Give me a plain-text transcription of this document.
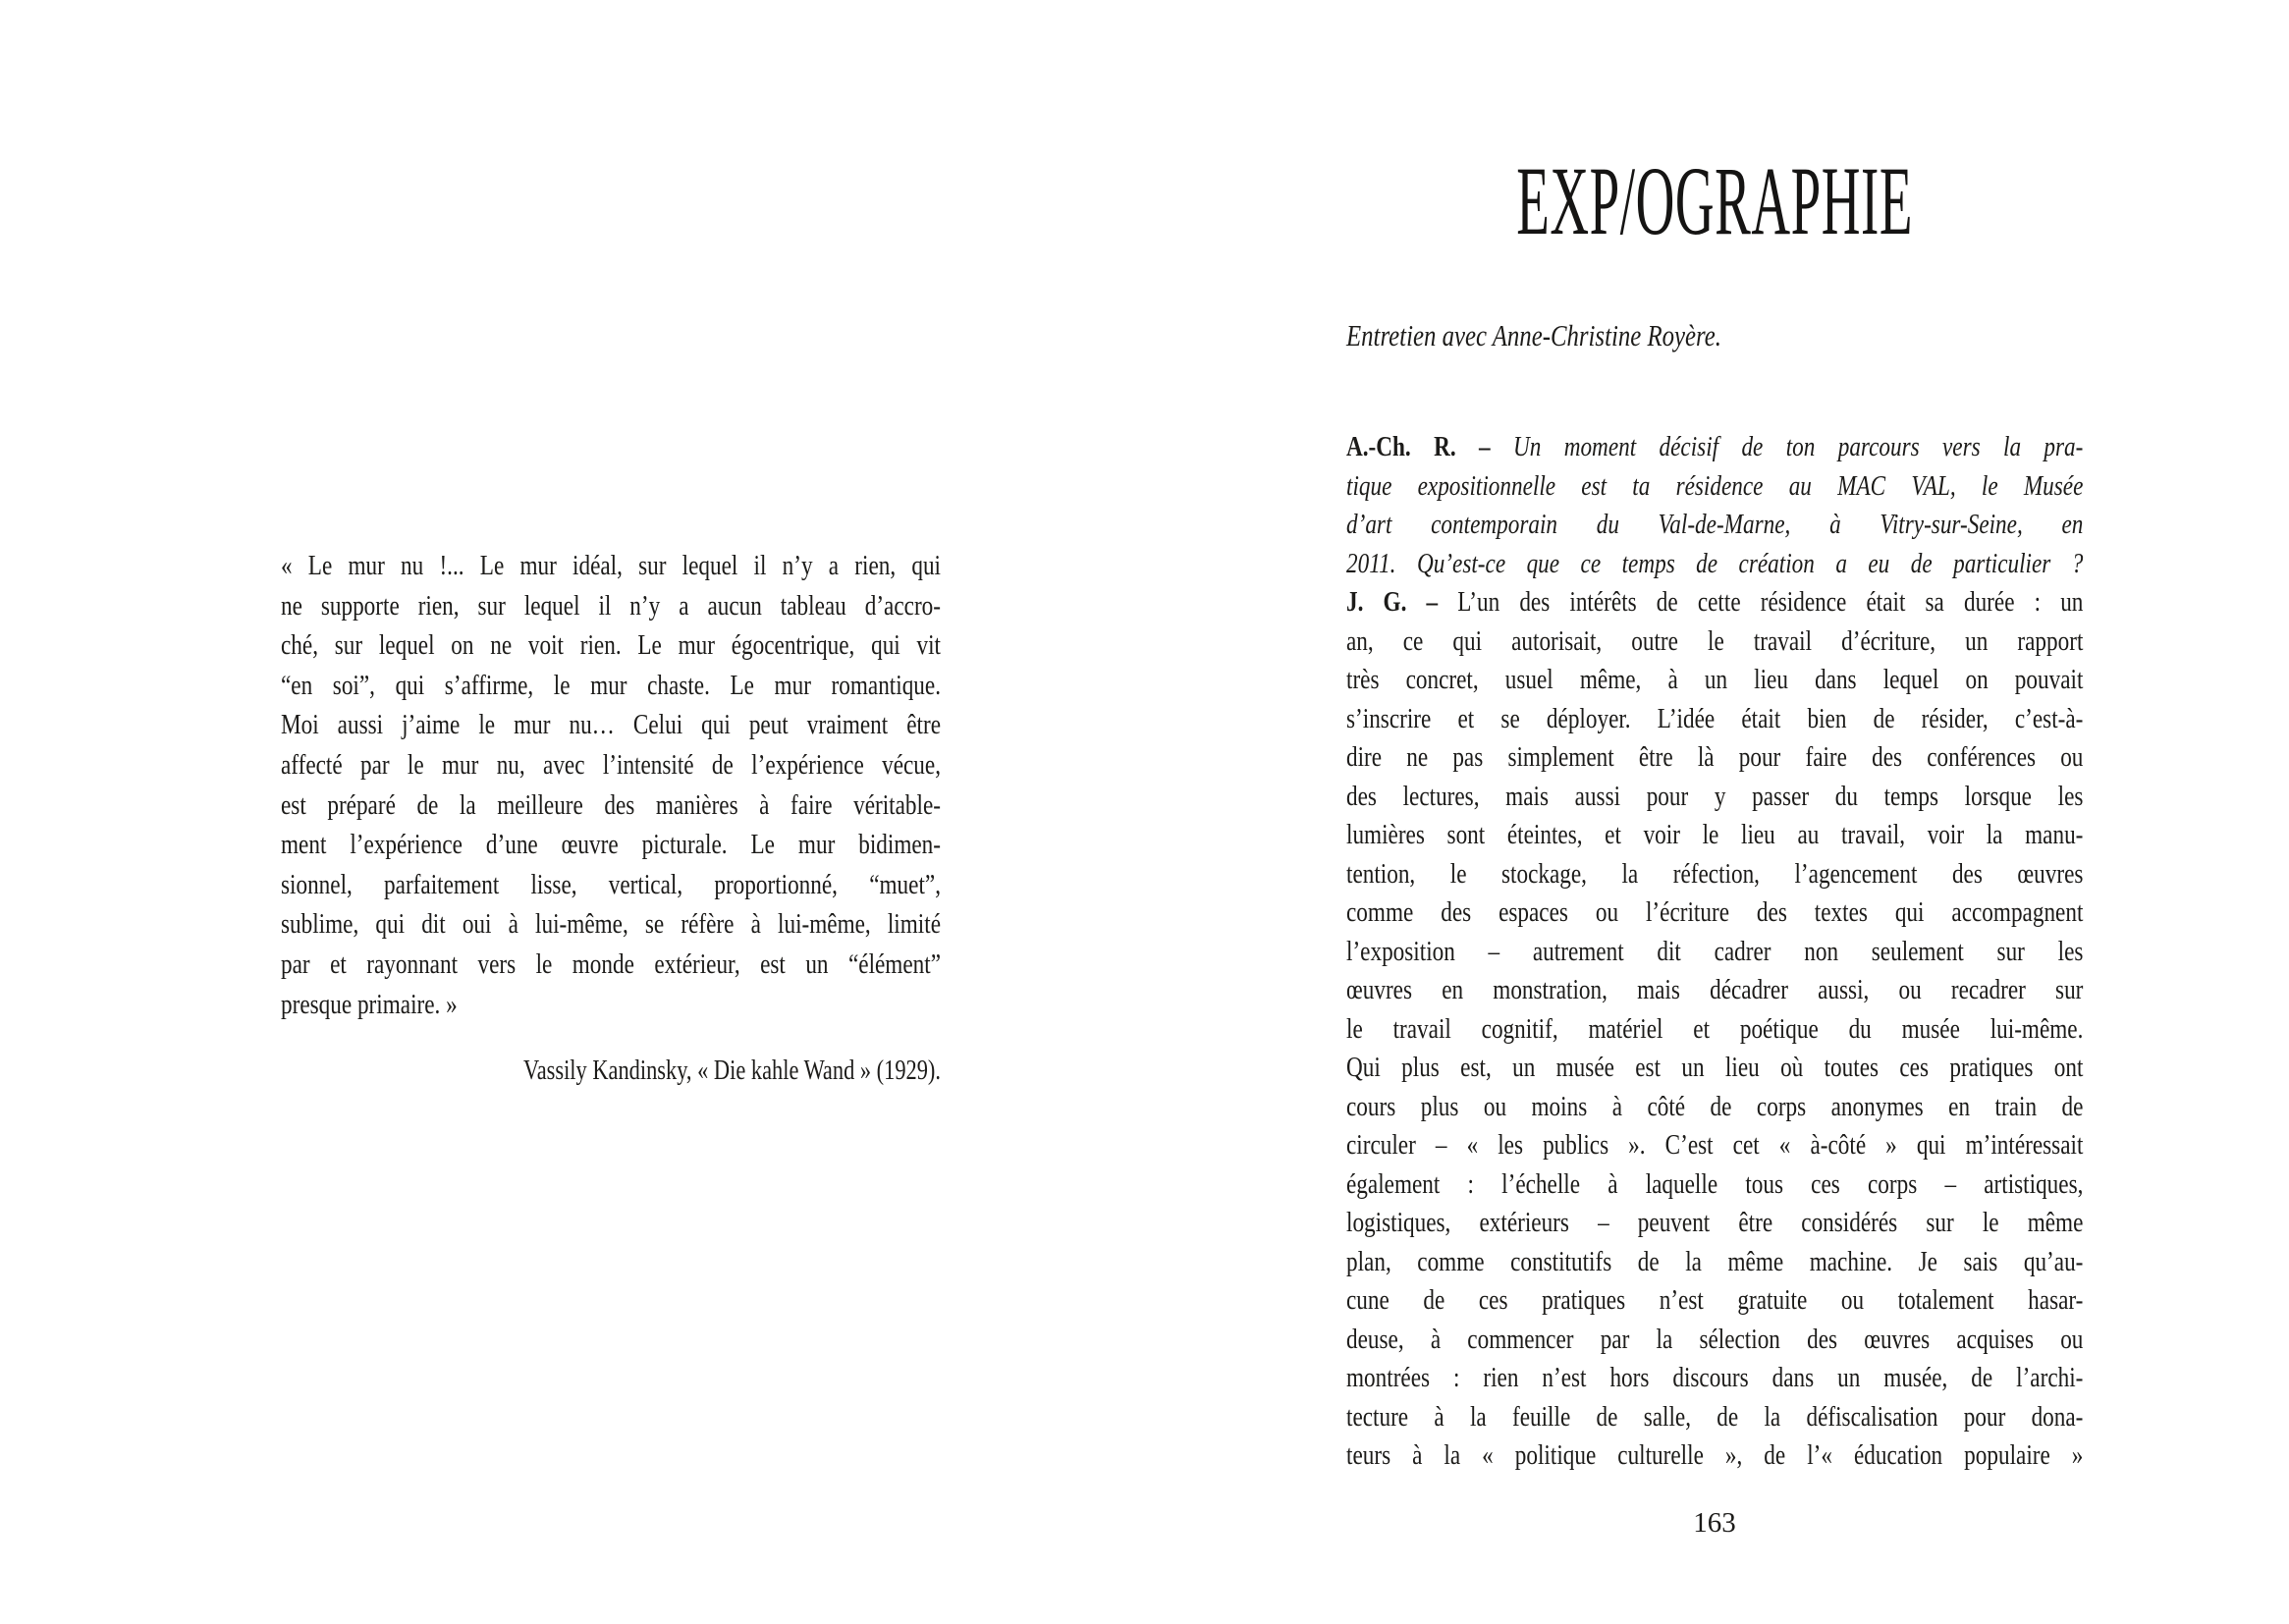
« Le mur nu !... Le mur idéal, sur lequel il n’y a rien, qui
ne supporte rien, sur lequel il n’y a aucun tableau d’accro-
ché, sur lequel on ne voit rien. Le mur égocentrique, qui vit
“en soi”, qui s’affirme, le mur chaste. Le mur romantique.
Moi aussi j’aime le mur nu… Celui qui peut vraiment être
affecté par le mur nu, avec l’intensité de l’expérience vécue,
est préparé de la meilleure des manières à faire véritable-
ment l’expérience d’une œuvre picturale. Le mur bidimen-
sionnel, parfaitement lisse, vertical, proportionné, “muet”,
sublime, qui dit oui à lui-même, se réfère à lui-même, limité
par et rayonnant vers le monde extérieur, est un “élément”
presque primaire. »
Vassily Kandinsky, « Die kahle Wand » (1929).
EXP/OGRAPHIE
Entretien avec Anne-Christine Royère.
A.-Ch. R. – Un moment décisif de ton parcours vers la pra-
tique expositionnelle est ta résidence au MAC VAL, le Musée
d’art contemporain du Val-de-Marne, à Vitry-sur-Seine, en
2011. Qu’est-ce que ce temps de création a eu de particulier ?
J. G. – L’un des intérêts de cette résidence était sa durée : un
an, ce qui autorisait, outre le travail d’écriture, un rapport
très concret, usuel même, à un lieu dans lequel on pouvait
s’inscrire et se déployer. L’idée était bien de résider, c’est-à-
dire ne pas simplement être là pour faire des conférences ou
des lectures, mais aussi pour y passer du temps lorsque les
lumières sont éteintes, et voir le lieu au travail, voir la manu-
tention, le stockage, la réfection, l’agencement des œuvres
comme des espaces ou l’écriture des textes qui accompagnent
l’exposition – autrement dit cadrer non seulement sur les
œuvres en monstration, mais décadrer aussi, ou recadrer sur
le travail cognitif, matériel et poétique du musée lui-même.
Qui plus est, un musée est un lieu où toutes ces pratiques ont
cours plus ou moins à côté de corps anonymes en train de
circuler – « les publics ». C’est cet « à-côté » qui m’intéressait
également : l’échelle à laquelle tous ces corps – artistiques,
logistiques, extérieurs – peuvent être considérés sur le même
plan, comme constitutifs de la même machine. Je sais qu’au-
cune de ces pratiques n’est gratuite ou totalement hasar-
deuse, à commencer par la sélection des œuvres acquises ou
montrées : rien n’est hors discours dans un musée, de l’archi-
tecture à la feuille de salle, de la défiscalisation pour dona-
teurs à la « politique culturelle », de l’« éducation populaire »
163
